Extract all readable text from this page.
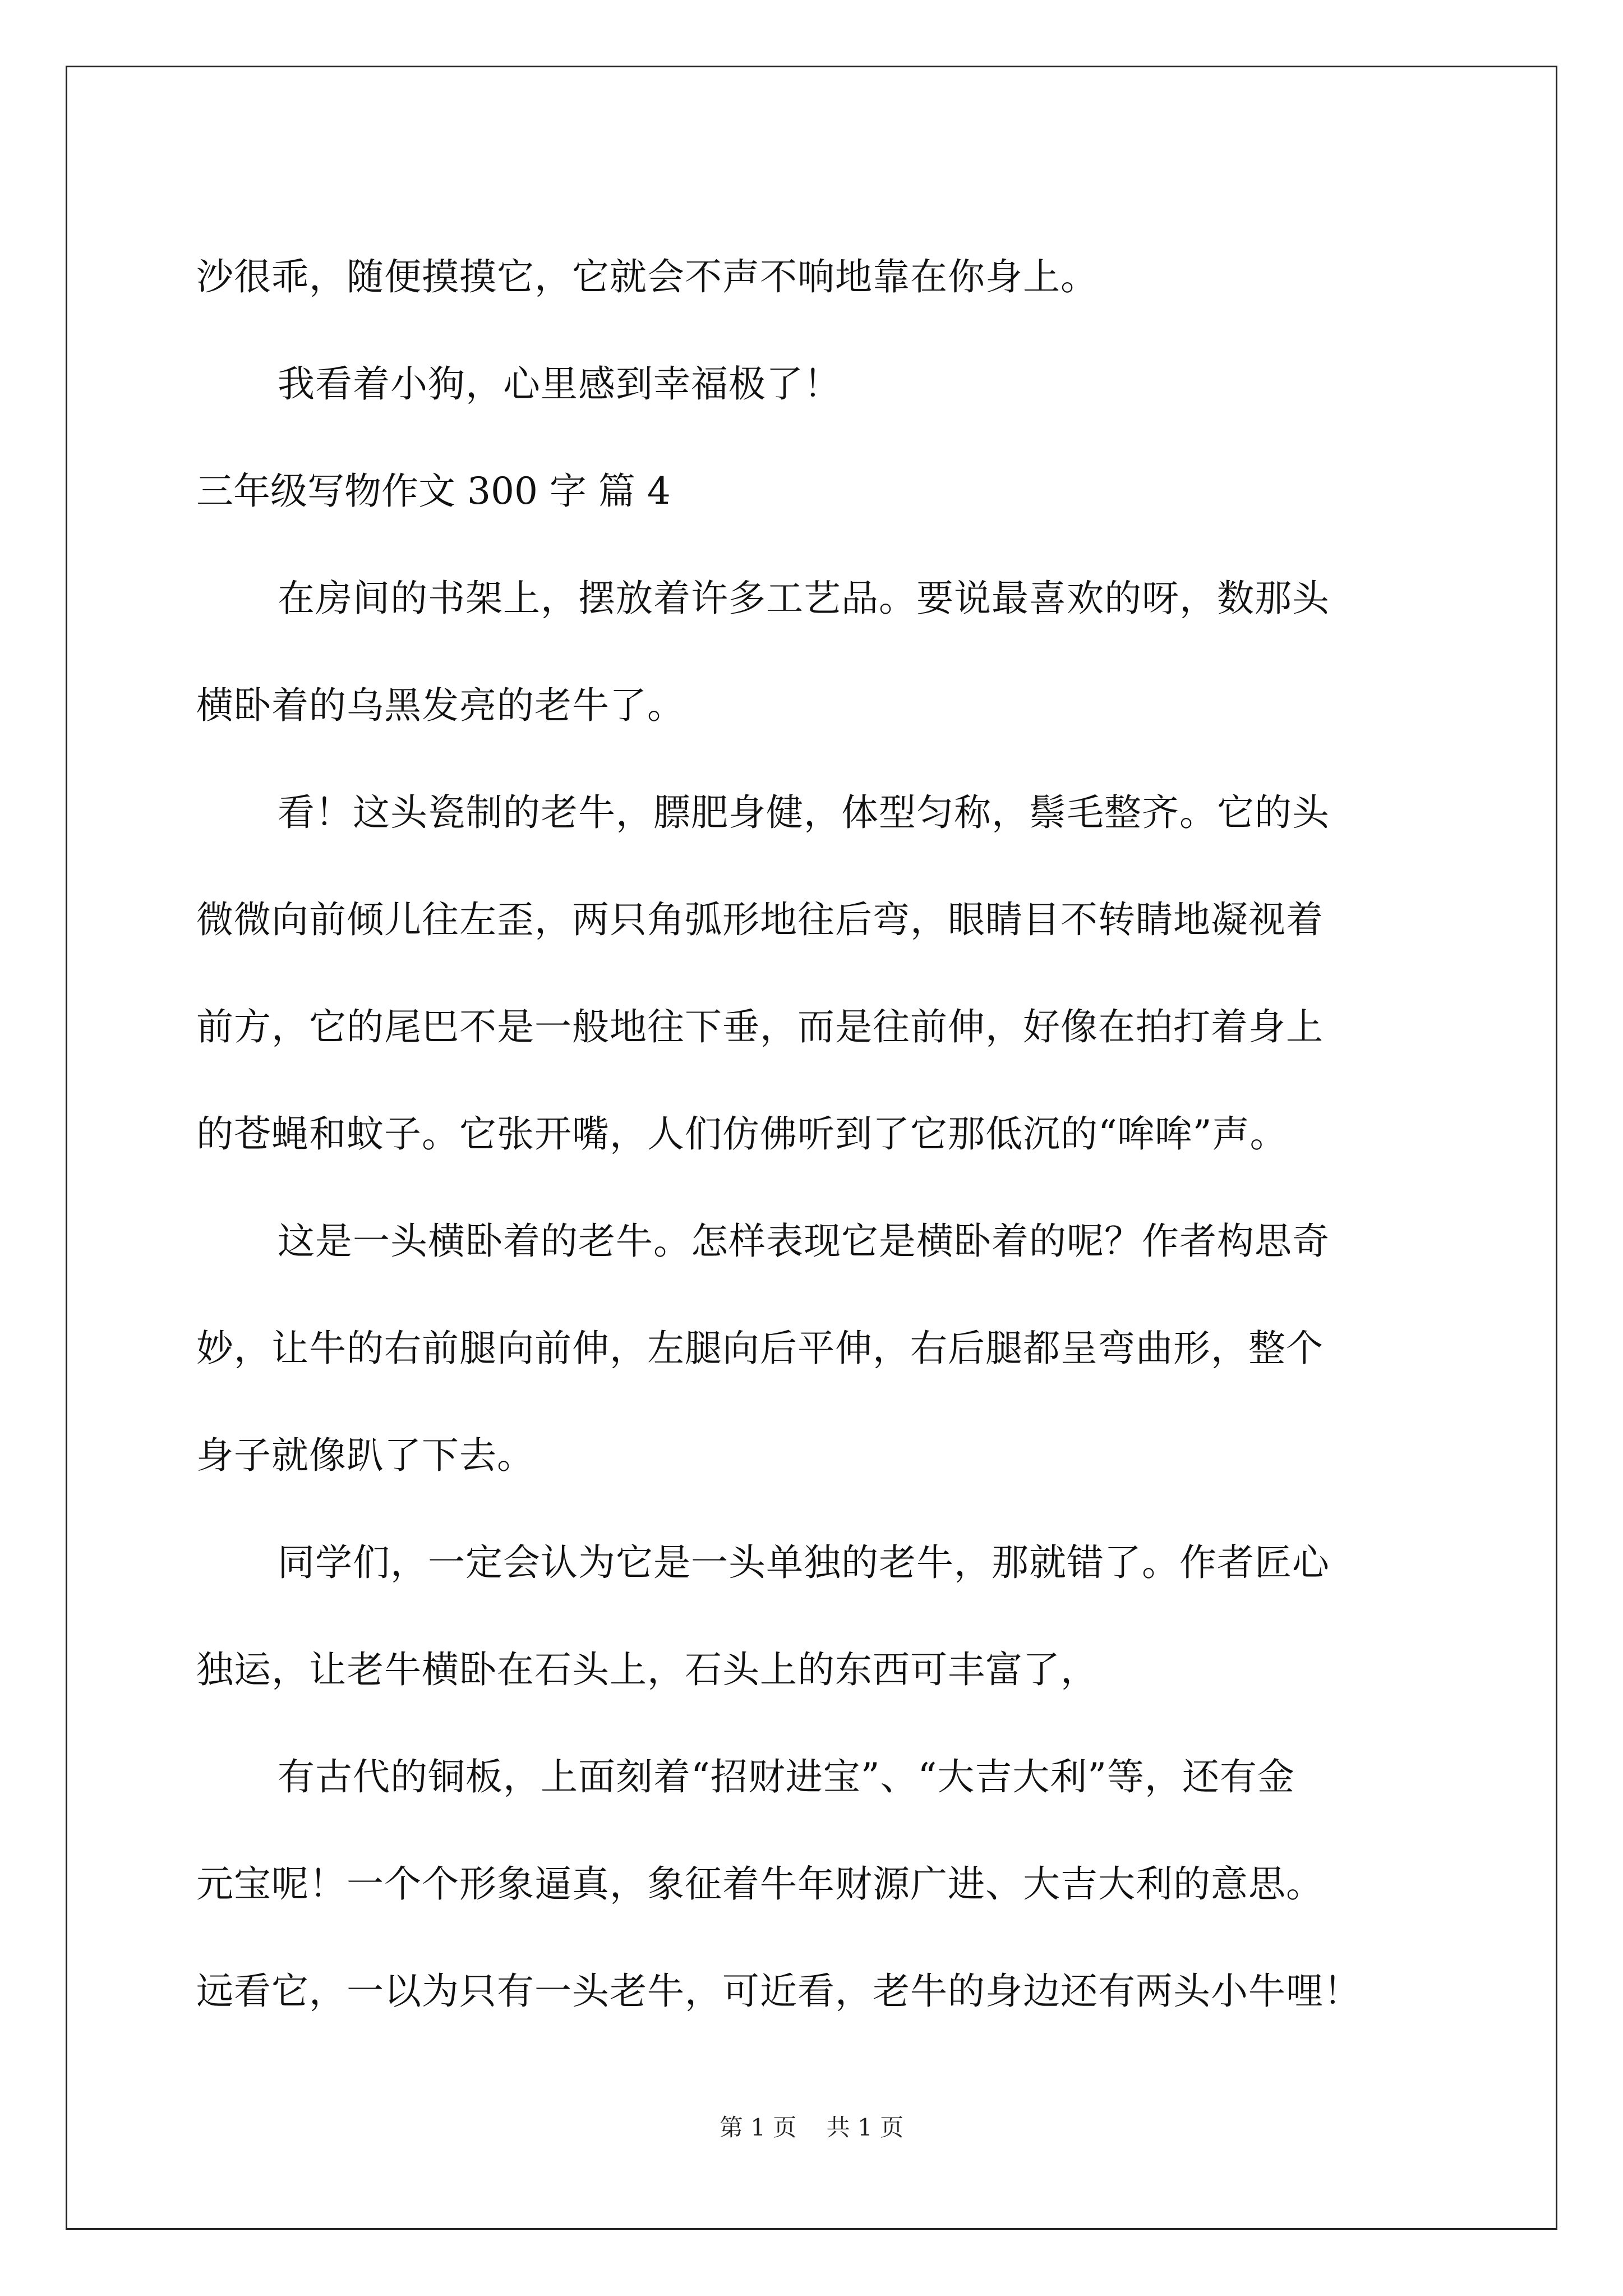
沙很乖，随便摸摸它，它就会不声不响地靠在你身上。
我看着小狗，心里感到幸福极了！
三年级写物作文 300 字 篇 4
在房间的书架上，摆放着许多工艺品。要说最喜欢的呀，数那头
横卧着的乌黑发亮的老牛了。
看！这头瓷制的老牛，膘肥身健，体型匀称，鬃毛整齐。它的头
微微向前倾儿往左歪，两只角弧形地往后弯，眼睛目不转睛地凝视着
前方，它的尾巴不是一般地往下垂，而是往前伸，好像在拍打着身上
的苍蝇和蚊子。它张开嘴，人们仿佛听到了它那低沉的“哞哞”声。
这是一头横卧着的老牛。怎样表现它是横卧着的呢？作者构思奇
妙，让牛的右前腿向前伸，左腿向后平伸，右后腿都呈弯曲形，整个
身子就像趴了下去。
同学们，一定会认为它是一头单独的老牛，那就错了。作者匠心
独运，让老牛横卧在石头上，石头上的东西可丰富了，
有古代的铜板，上面刻着“招财进宝”、“大吉大利”等，还有金
元宝呢！一个个形象逼真，象征着牛年财源广进、大吉大利的意思。
远看它，一以为只有一头老牛，可近看，老牛的身边还有两头小牛哩！
第 1 页 共 1 页
